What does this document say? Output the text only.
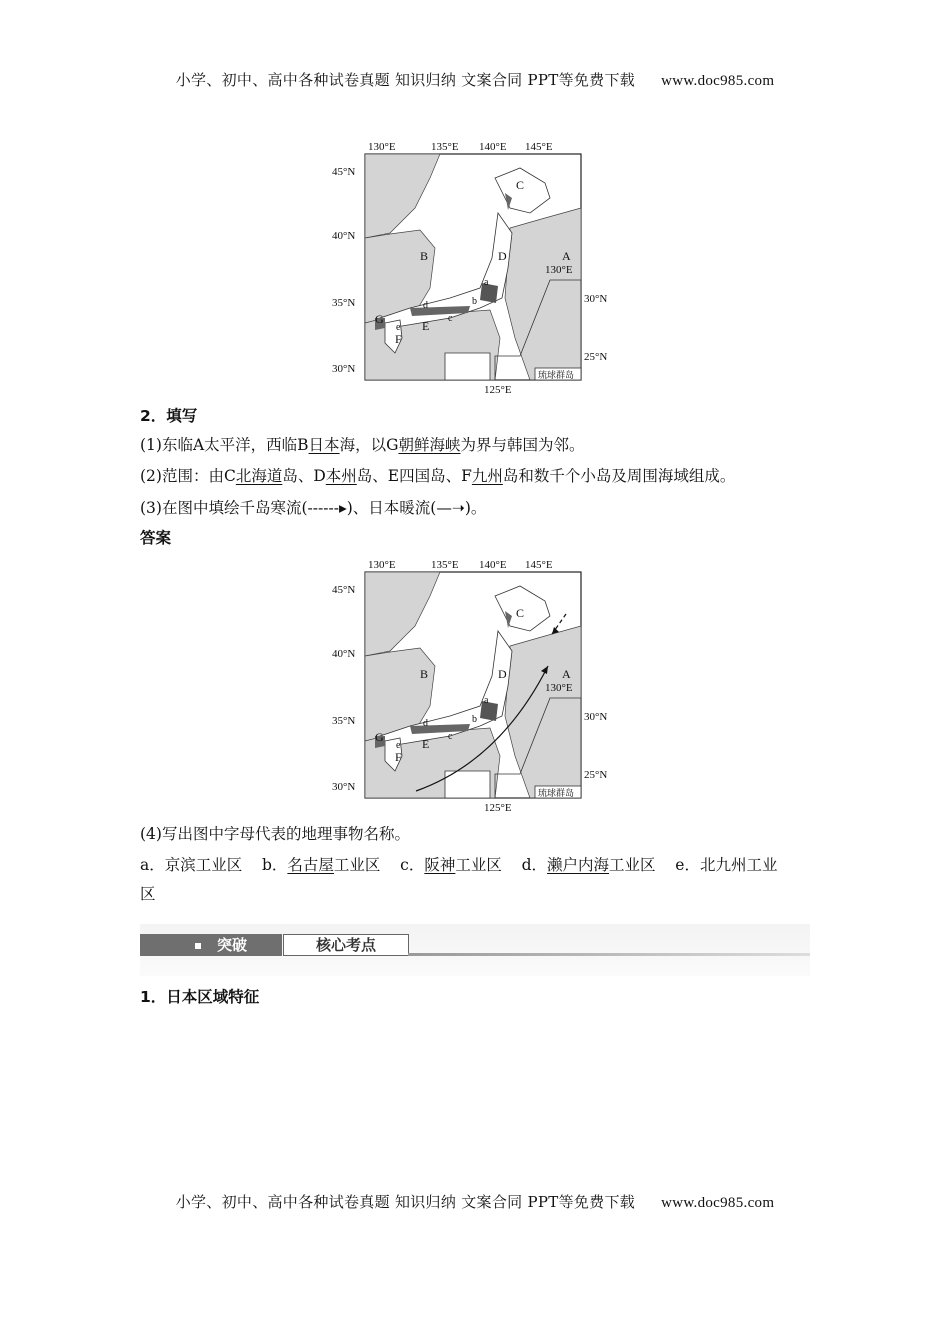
小学、初中、高中各种试卷真题 知识归纳 文案合同 PPT等免费下载 www.doc985.com
130°E	135°E 140°E 145°E
45°N
40°N
35°N
30°N
B
C
D	A
E
F
G
a
b
c
d
e
130°E
30°N
25°N
125°E
琉球群岛
2．填写
(1)东临A太平洋，西临B日本海，以G朝鲜海峡为界与韩国为邻。
(2)范围：由C北海道岛、D本州岛、E四国岛、F九州岛和数千个小岛及周围海域组成。
(3)在图中填绘千岛寒流(------▸)、日本暖流(—➝)。
答案
130°E	135°E 140°E 145°E
45°N
40°N
35°N
30°N
B
C
D	A
E
F
G
a
b
c
d
e
130°E
30°N
25°N
125°E
琉球群岛
(4)写出图中字母代表的地理事物名称。
a．京滨工业区 b．名古屋工业区 c．阪神工业区 d．濑户内海工业区 e．北九州工业
区
突破	核心考点
1．日本区域特征
小学、初中、高中各种试卷真题 知识归纳 文案合同 PPT等免费下载 www.doc985.com
